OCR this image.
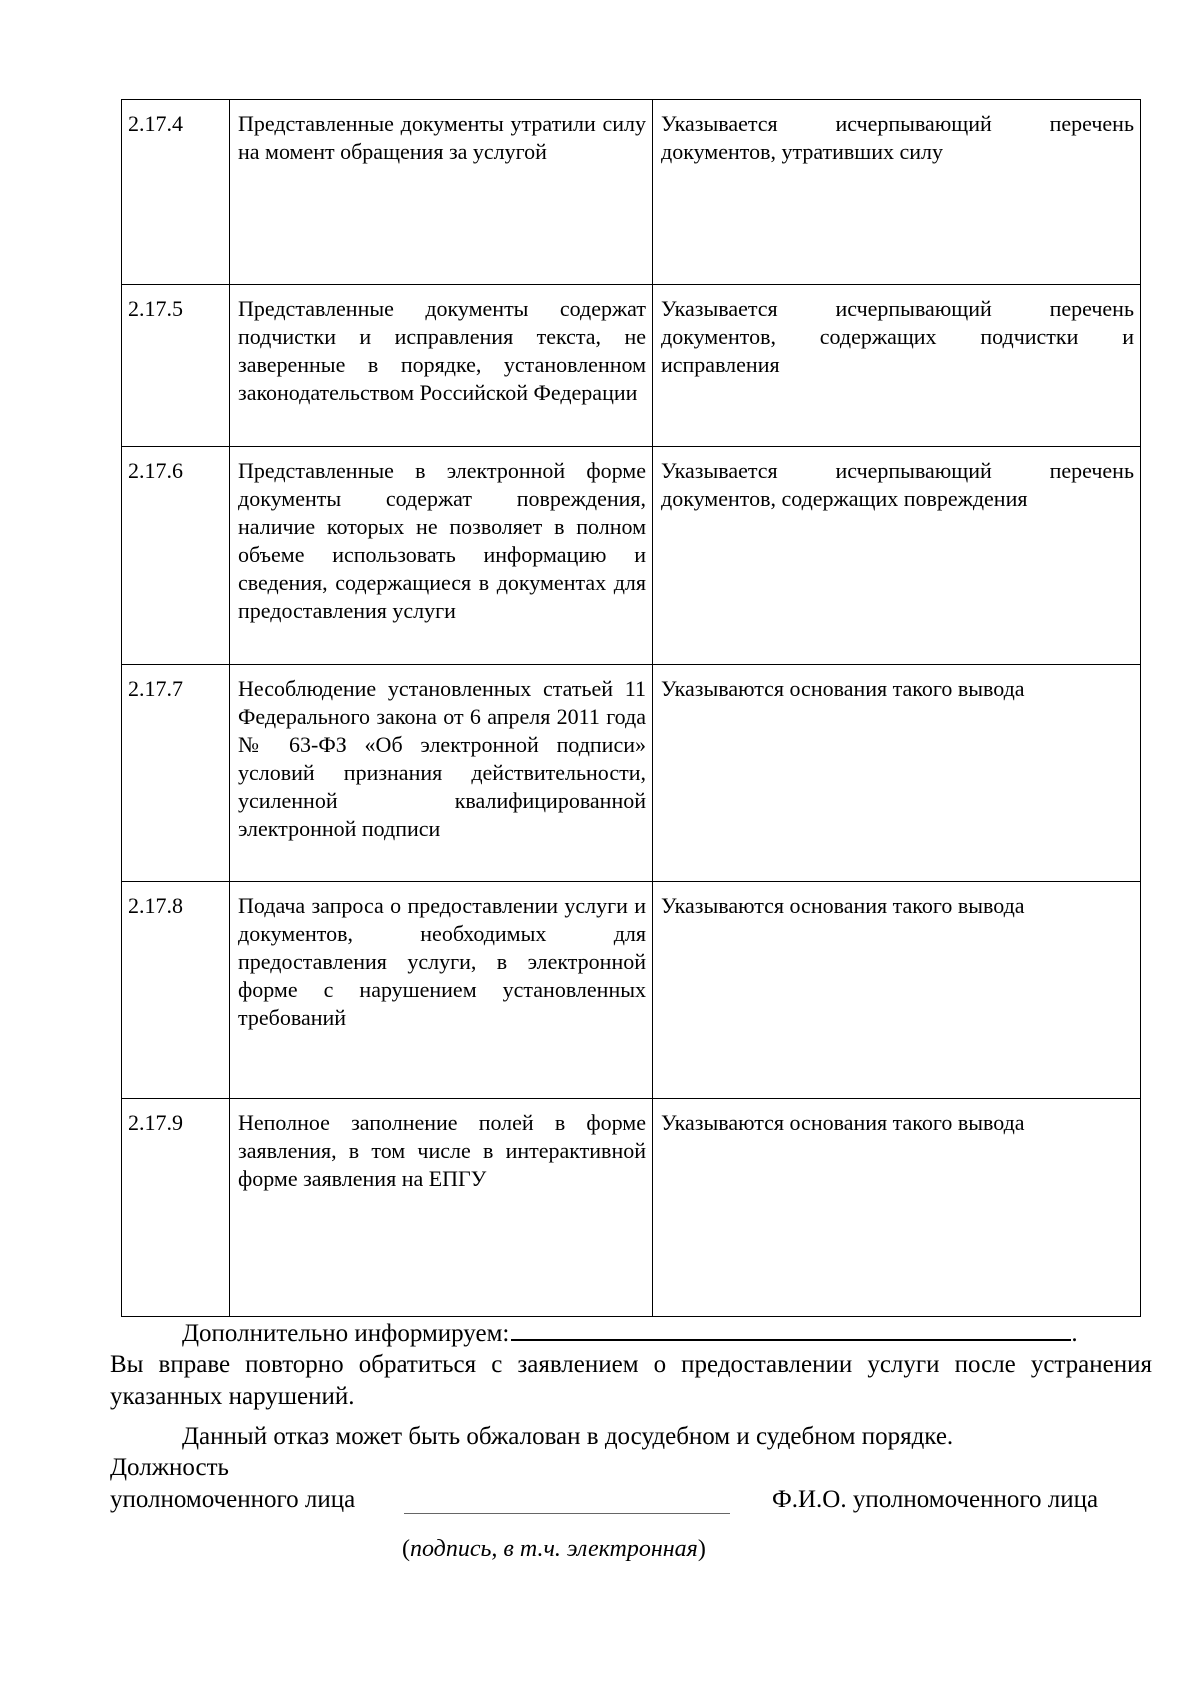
2.17.4	Представленные документы утратили силу на момент обращения за услугой	Указывается исчерпывающий перечень документов, утративших силу
2.17.5	Представленные документы содержат подчистки и исправления текста, не заверенные в порядке, установленном законодательством Российской Федерации	Указывается исчерпывающий перечень документов, содержащих подчистки и исправления
2.17.6	Представленные в электронной форме документы содержат повреждения, наличие которых не позволяет в полном объеме использовать информацию и сведения, содержащиеся в документах для предоставления услуги	Указывается исчерпывающий перечень документов, содержащих повреждения
2.17.7	Несоблюдение установленных статьей 11 Федерального закона от 6 апреля 2011 года № 63-ФЗ «Об электронной подписи» условий признания действительности, усиленной квалифицированной электронной подписи	Указываются основания такого вывода
2.17.8	Подача запроса о предоставлении услуги и документов, необходимых для предоставления услуги, в электронной форме с нарушением установленных требований	Указываются основания такого вывода
2.17.9	Неполное заполнение полей в форме заявления, в том числе в интерактивной форме заявления на ЕПГУ	Указываются основания такого вывода
Дополнительно информируем:	.
Вы вправе повторно обратиться с заявлением о предоставлении услуги после устранения указанных нарушений.
Данный отказ может быть обжалован в досудебном и судебном порядке.
Должность
уполномоченного лица
(подпись, в т.ч. электронная)
Ф.И.О. уполномоченного лица
